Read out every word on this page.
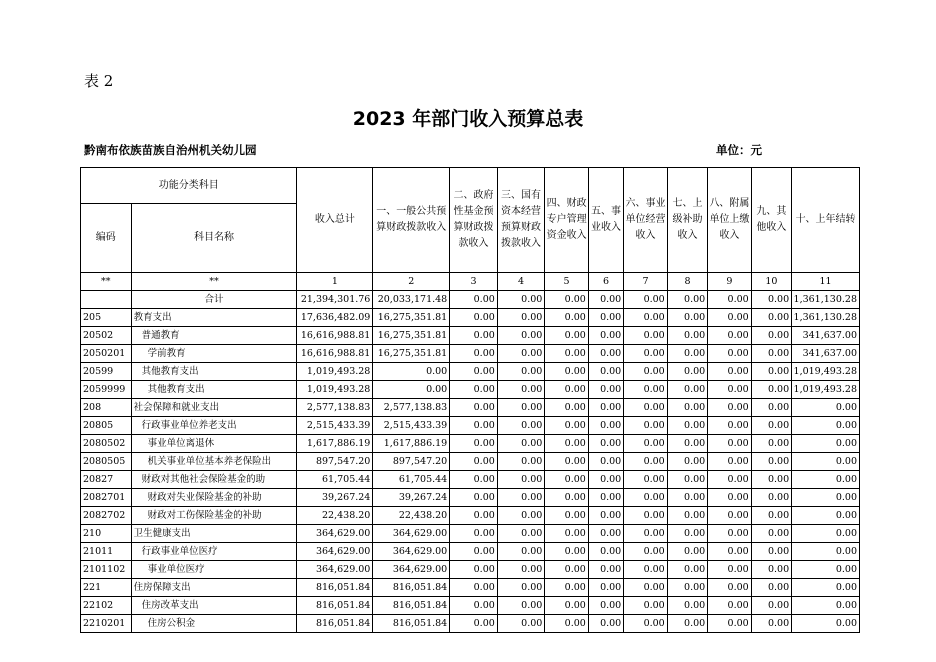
表 2
2023 年部门收入预算总表
黔南布依族苗族自治州机关幼儿园	单位：元
功能分类科目		收入总计	一、一般公共预算财政拨款收入	二、政府性基金预算财政拨款收入	三、国有资本经营预算财政拨款收入	四、财政专户管理资金收入	五、事业收入	六、事业单位经营收入	七、上级补助收入	八、附属单位上缴收入	九、其他收入	十、上年结转
编码	科目名称											
**	**	1	2	3	4	5	6	7	8	9	10	11
	合计	21,394,301.76	20,033,171.48	0.00	0.00	0.00	0.00	0.00	0.00	0.00	0.00	1,361,130.28
205	教育支出	17,636,482.09	16,275,351.81	0.00	0.00	0.00	0.00	0.00	0.00	0.00	0.00	1,361,130.28
20502	普通教育	16,616,988.81	16,275,351.81	0.00	0.00	0.00	0.00	0.00	0.00	0.00	0.00	341,637.00
2050201	学前教育	16,616,988.81	16,275,351.81	0.00	0.00	0.00	0.00	0.00	0.00	0.00	0.00	341,637.00
20599	其他教育支出	1,019,493.28	0.00	0.00	0.00	0.00	0.00	0.00	0.00	0.00	0.00	1,019,493.28
2059999	其他教育支出	1,019,493.28	0.00	0.00	0.00	0.00	0.00	0.00	0.00	0.00	0.00	1,019,493.28
208	社会保障和就业支出	2,577,138.83	2,577,138.83	0.00	0.00	0.00	0.00	0.00	0.00	0.00	0.00	0.00
20805	行政事业单位养老支出	2,515,433.39	2,515,433.39	0.00	0.00	0.00	0.00	0.00	0.00	0.00	0.00	0.00
2080502	事业单位离退休	1,617,886.19	1,617,886.19	0.00	0.00	0.00	0.00	0.00	0.00	0.00	0.00	0.00
2080505	机关事业单位基本养老保险出	897,547.20	897,547.20	0.00	0.00	0.00	0.00	0.00	0.00	0.00	0.00	0.00
20827	财政对其他社会保险基金的助	61,705.44	61,705.44	0.00	0.00	0.00	0.00	0.00	0.00	0.00	0.00	0.00
2082701	财政对失业保险基金的补助	39,267.24	39,267.24	0.00	0.00	0.00	0.00	0.00	0.00	0.00	0.00	0.00
2082702	财政对工伤保险基金的补助	22,438.20	22,438.20	0.00	0.00	0.00	0.00	0.00	0.00	0.00	0.00	0.00
210	卫生健康支出	364,629.00	364,629.00	0.00	0.00	0.00	0.00	0.00	0.00	0.00	0.00	0.00
21011	行政事业单位医疗	364,629.00	364,629.00	0.00	0.00	0.00	0.00	0.00	0.00	0.00	0.00	0.00
2101102	事业单位医疗	364,629.00	364,629.00	0.00	0.00	0.00	0.00	0.00	0.00	0.00	0.00	0.00
221	住房保障支出	816,051.84	816,051.84	0.00	0.00	0.00	0.00	0.00	0.00	0.00	0.00	0.00
22102	住房改革支出	816,051.84	816,051.84	0.00	0.00	0.00	0.00	0.00	0.00	0.00	0.00	0.00
2210201	住房公积金	816,051.84	816,051.84	0.00	0.00	0.00	0.00	0.00	0.00	0.00	0.00	0.00
